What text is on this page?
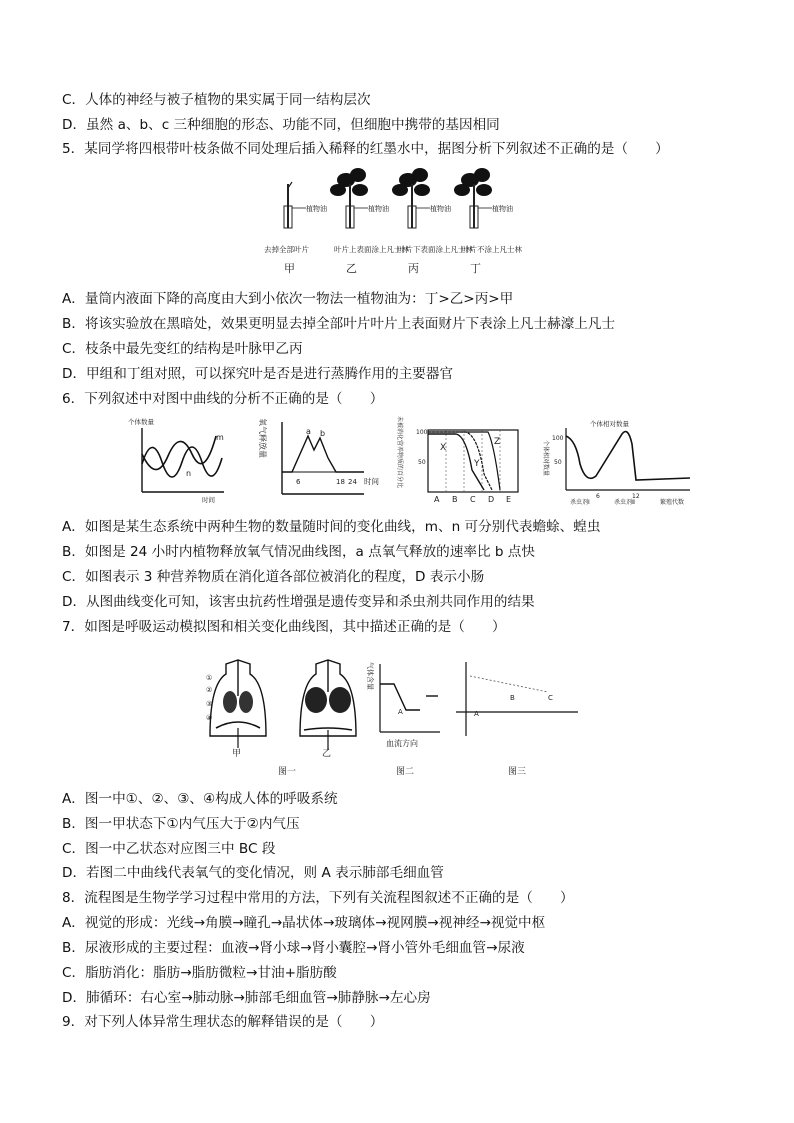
C．人体的神经与被子植物的果实属于同一结构层次
D．虽然 a、b、c 三种细胞的形态、功能不同，但细胞中携带的基因相同
5．某同学将四根带叶枝条做不同处理后插入稀释的红墨水中，据图分析下列叙述不正确的是（　　）
植物油	植物油	植物油	植物油
去掉全部叶片	叶片上表面涂上凡士林
叶片下表面涂上凡士林
叶片不涂上凡士林
甲	乙	丙	丁
A．量筒内液面下降的高度由大到小依次一物法一植物油为：丁>乙>丙>甲
B．将该实验放在黑暗处，效果更明显去掉全部叶片叶片上表面财片下表涂上凡士赫濠上凡士
C．枝条中最先变红的结构是叶脉甲乙丙
D．甲组和丁组对照，可以探究叶是否是进行蒸腾作用的主要器官
6．下列叙述中对图中曲线的分析不正确的是（　　）
个体数量
m
n
时间
氧气释放量	a b
6	18 24 时间	未被消化营养物质的百分比 100
50
X
Y
Z
A B C D E
个体相对数量
个体相对数量
100
50
杀虫剂Ⅰ	杀虫剂Ⅱ	繁殖代数
6	12
A．如图是某生态系统中两种生物的数量随时间的变化曲线，m、n 可分别代表蟾蜍、蝗虫
B．如图是 24 小时内植物释放氧气情况曲线图，a 点氧气释放的速率比 b 点快
C．如图表示 3 种营养物质在消化道各部位被消化的程度，D 表示小肠
D．从图曲线变化可知，该害虫抗药性增强是遗传变异和杀虫剂共同作用的结果
7．如图是呼吸运动模拟图和相关变化曲线图，其中描述正确的是（　　）
①
②
③
④
甲	乙
图一
气体含量
A
血流方向
图二
A
B	C
图三
A．图一中①、②、③、④构成人体的呼吸系统
B．图一甲状态下①内气压大于②内气压
C．图一中乙状态对应图三中 BC 段
D．若图二中曲线代表氧气的变化情况，则 A 表示肺部毛细血管
8．流程图是生物学学习过程中常用的方法，下列有关流程图叙述不正确的是（　　）
A．视觉的形成：光线→角膜→瞳孔→晶状体→玻璃体→视网膜→视神经→视觉中枢
B．尿液形成的主要过程：血液→肾小球→肾小囊腔→肾小管外毛细血管→尿液
C．脂肪消化：脂肪→脂肪微粒→甘油+脂肪酸
D．肺循环：右心室→肺动脉→肺部毛细血管→肺静脉→左心房
9．对下列人体异常生理状态的解释错误的是（　　）
